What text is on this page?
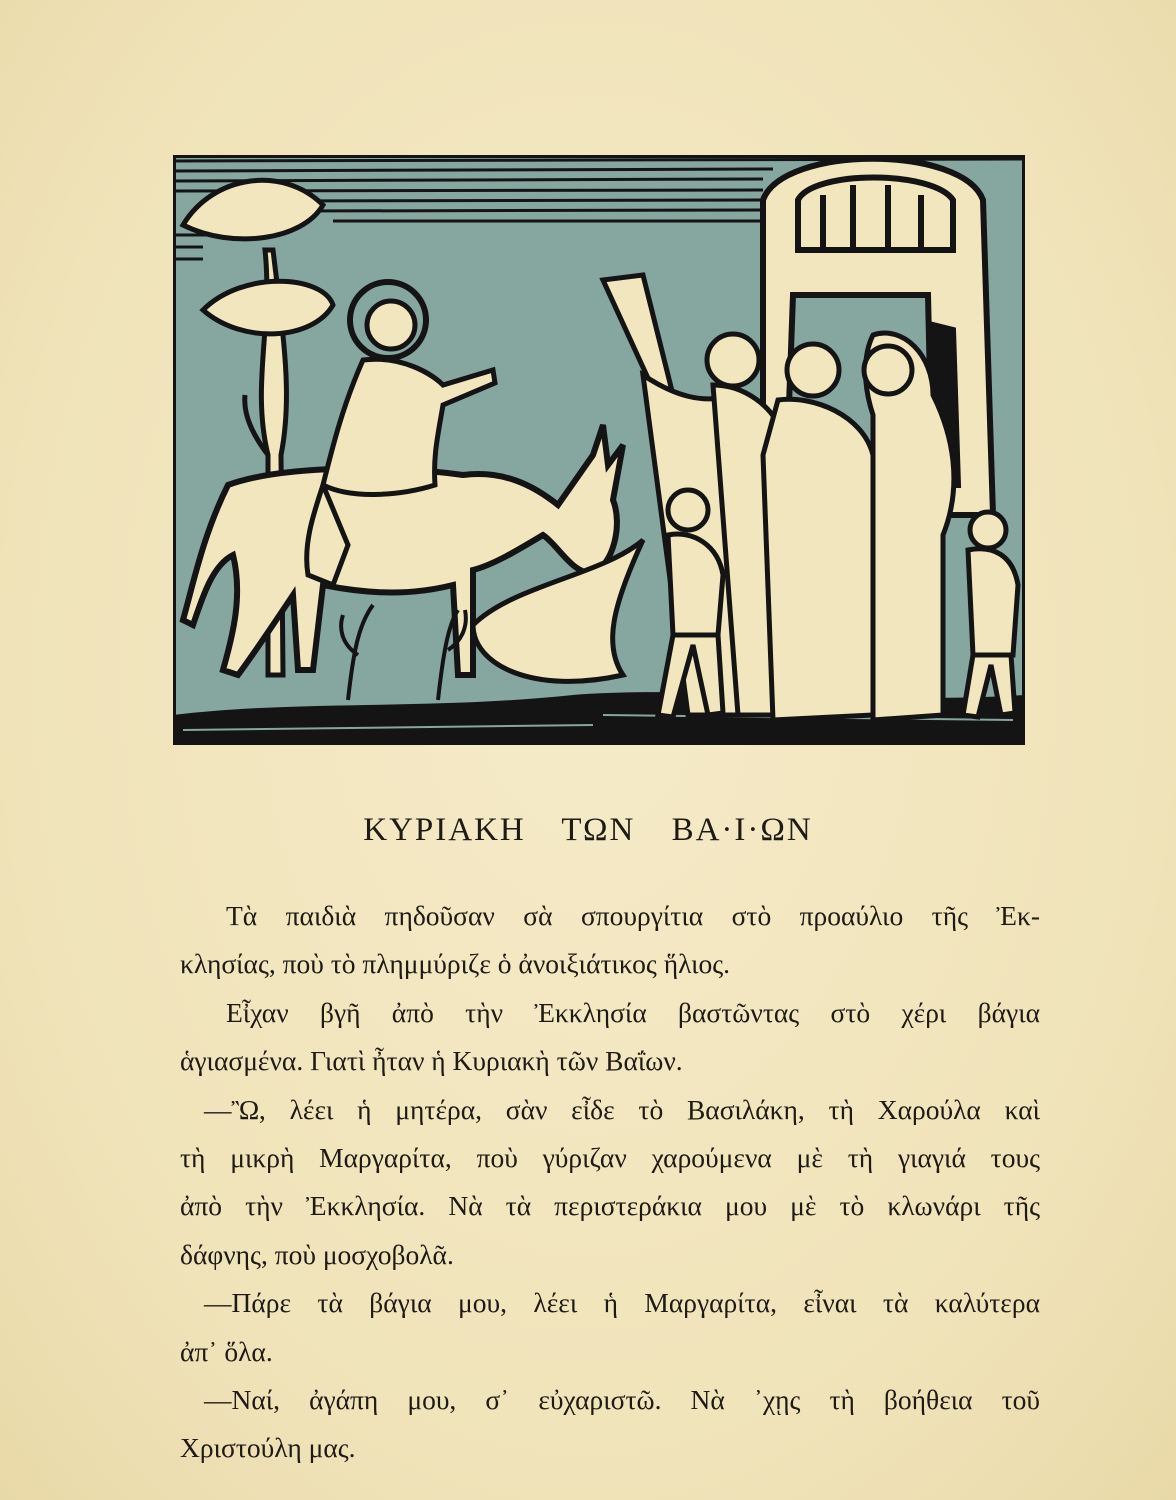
ΚΥΡΙΑΚΗ ΤΩΝ ΒΑ·Ι·ΩΝ
Τὰ παιδιὰ πηδοῦσαν σὰ σπουργίτια στὸ προαύλιο τῆς Ἐκ-
κλησίας, ποὺ τὸ πλημμύριζε ὁ ἀνοιξιάτικος ἥλιος.
Εἶχαν βγῆ ἀπὸ τὴν Ἐκκλησία βαστῶντας στὸ χέρι βάγια
ἁγιασμένα. Γιατὶ ἦταν ἡ Κυριακὴ τῶν Βαΐων.
—Ὢ, λέει ἡ μητέρα, σὰν εἶδε τὸ Βασιλάκη, τὴ Χαρούλα καὶ
τὴ μικρὴ Μαργαρίτα, ποὺ γύριζαν χαρούμενα μὲ τὴ γιαγιά τους
ἀπὸ τὴν Ἐκκλησία. Νὰ τὰ περιστεράκια μου μὲ τὸ κλωνάρι τῆς
δάφνης, ποὺ μοσχοβολᾶ.
—Πάρε τὰ βάγια μου, λέει ἡ Μαργαρίτα, εἶναι τὰ καλύτερα
ἀπ᾿ ὅλα.
—Ναί, ἀγάπη μου, σ᾿ εὐχαριστῶ. Νὰ ᾿χῃς τὴ βοήθεια τοῦ
Χριστούλη μας.
